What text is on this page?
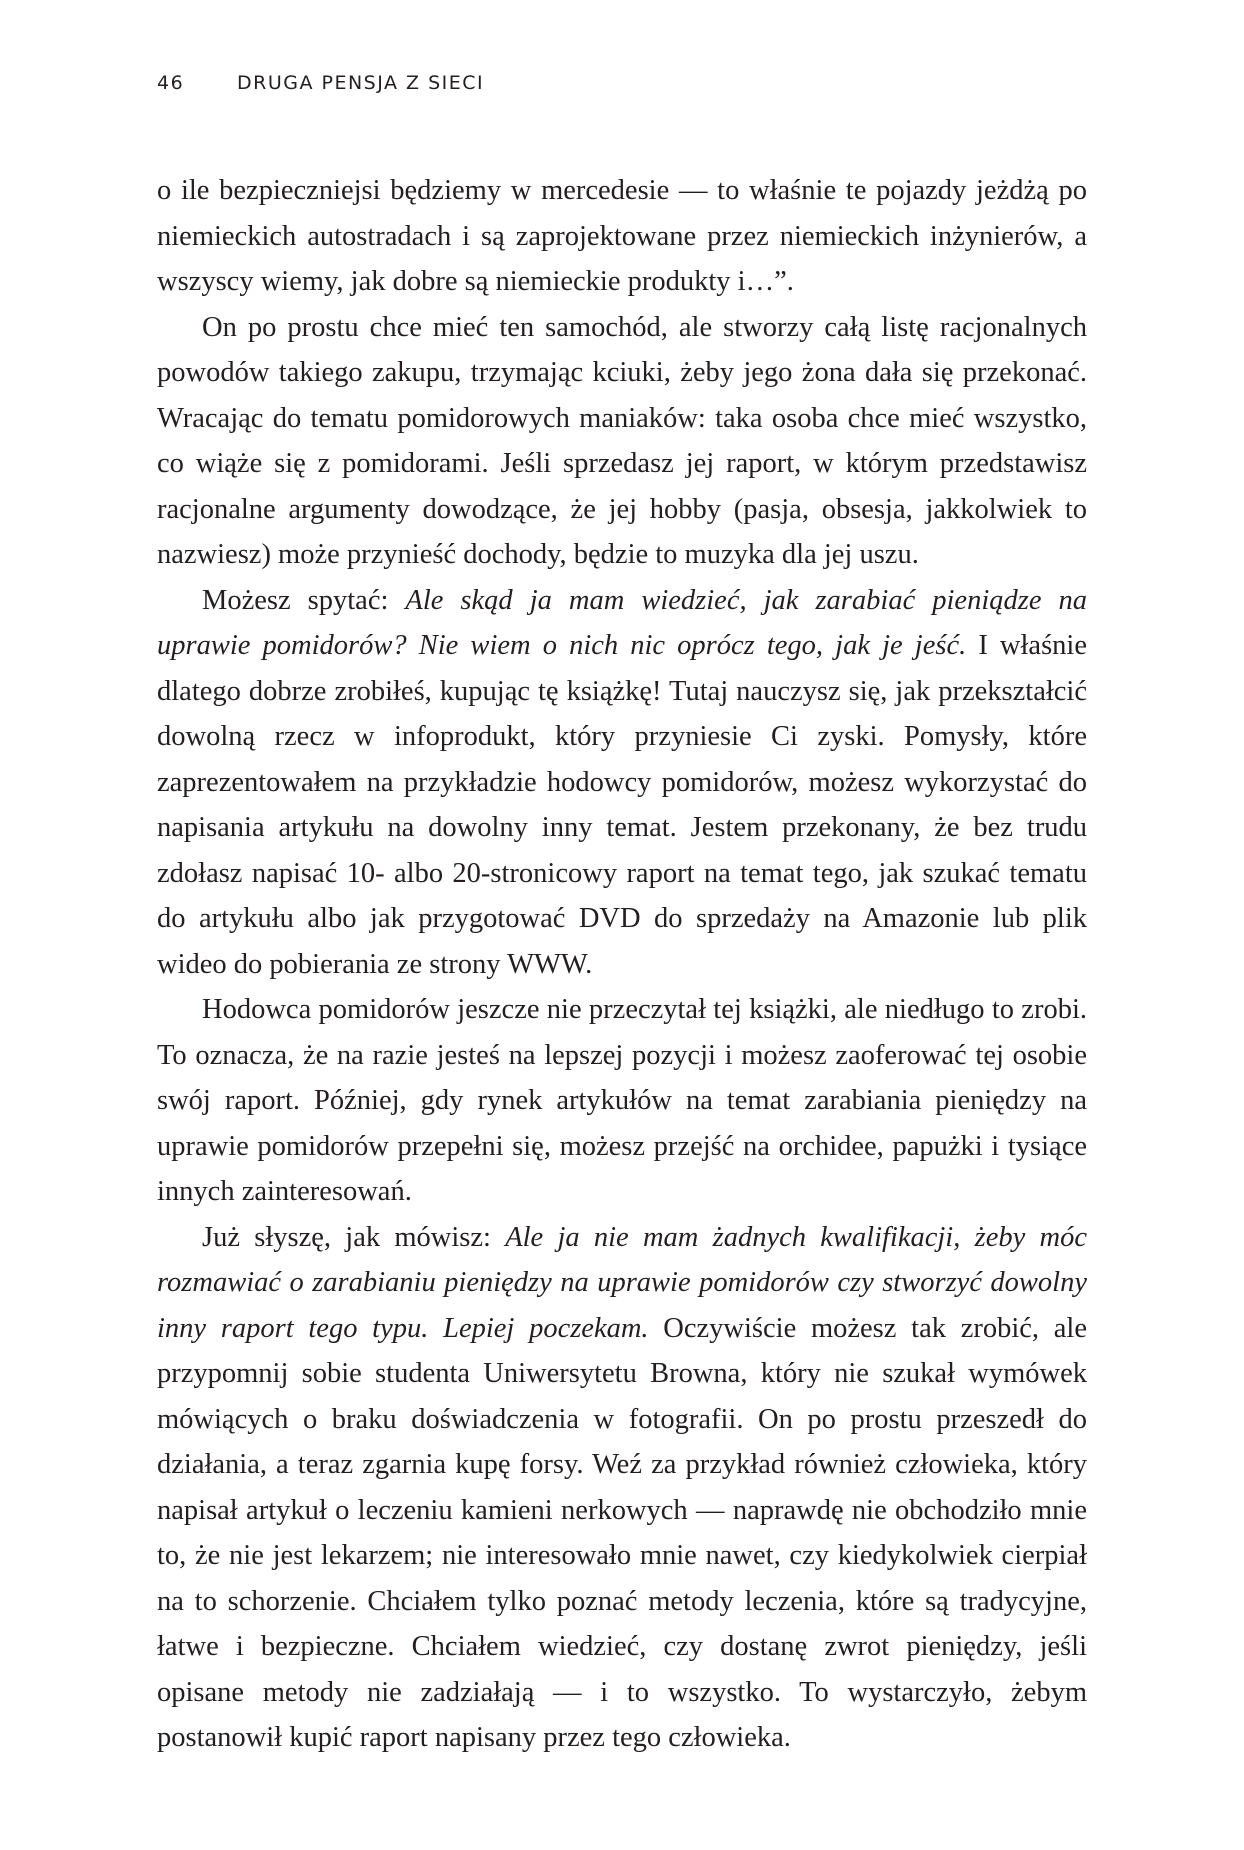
46	DRUGA PENSJA Z SIECI

o ile bezpieczniejsi będziemy w mercedesie — to właśnie te pojazdy jeżdżą po niemieckich autostradach i są zaprojektowane przez niemieckich inżynierów, a wszyscy wiemy, jak dobre są niemieckie produkty i…”.

On po prostu chce mieć ten samochód, ale stworzy całą listę racjonalnych powodów takiego zakupu, trzymając kciuki, żeby jego żona dała się przekonać. Wracając do tematu pomidorowych maniaków: taka osoba chce mieć wszystko, co wiąże się z pomidorami. Jeśli sprzedasz jej raport, w którym przedstawisz racjonalne argumenty dowodzące, że jej hobby (pasja, obsesja, jakkolwiek to nazwiesz) może przynieść dochody, będzie to muzyka dla jej uszu.

Możesz spytać: Ale skąd ja mam wiedzieć, jak zarabiać pieniądze na uprawie pomidorów? Nie wiem o nich nic oprócz tego, jak je jeść. I właśnie dlatego dobrze zrobiłeś, kupując tę książkę! Tutaj nauczysz się, jak przekształcić dowolną rzecz w infoprodukt, który przyniesie Ci zyski. Pomysły, które zaprezentowałem na przykładzie hodowcy pomidorów, możesz wykorzystać do napisania artykułu na dowolny inny temat. Jestem przekonany, że bez trudu zdołasz napisać 10- albo 20-stronicowy raport na temat tego, jak szukać tematu do artykułu albo jak przygotować DVD do sprzedaży na Amazonie lub plik wideo do pobierania ze strony WWW.

Hodowca pomidorów jeszcze nie przeczytał tej książki, ale niedługo to zrobi. To oznacza, że na razie jesteś na lepszej pozycji i możesz zaoferować tej osobie swój raport. Później, gdy rynek artykułów na temat zarabiania pieniędzy na uprawie pomidorów przepełni się, możesz przejść na orchidee, papużki i tysiące innych zainteresowań.

Już słyszę, jak mówisz: Ale ja nie mam żadnych kwalifikacji, żeby móc rozmawiać o zarabianiu pieniędzy na uprawie pomidorów czy stworzyć dowolny inny raport tego typu. Lepiej poczekam. Oczywiście możesz tak zrobić, ale przypomnij sobie studenta Uniwersytetu Browna, który nie szukał wymówek mówiących o braku doświadczenia w fotografii. On po prostu przeszedł do działania, a teraz zgarnia kupę forsy. Weź za przykład również człowieka, który napisał artykuł o leczeniu kamieni nerkowych — naprawdę nie obchodziło mnie to, że nie jest lekarzem; nie interesowało mnie nawet, czy kiedykolwiek cierpiał na to schorzenie. Chciałem tylko poznać metody leczenia, które są tradycyjne, łatwe i bezpieczne. Chciałem wiedzieć, czy dostanę zwrot pieniędzy, jeśli opisane metody nie zadziałają — i to wszystko. To wystarczyło, żebym postanowił kupić raport napisany przez tego człowieka.
